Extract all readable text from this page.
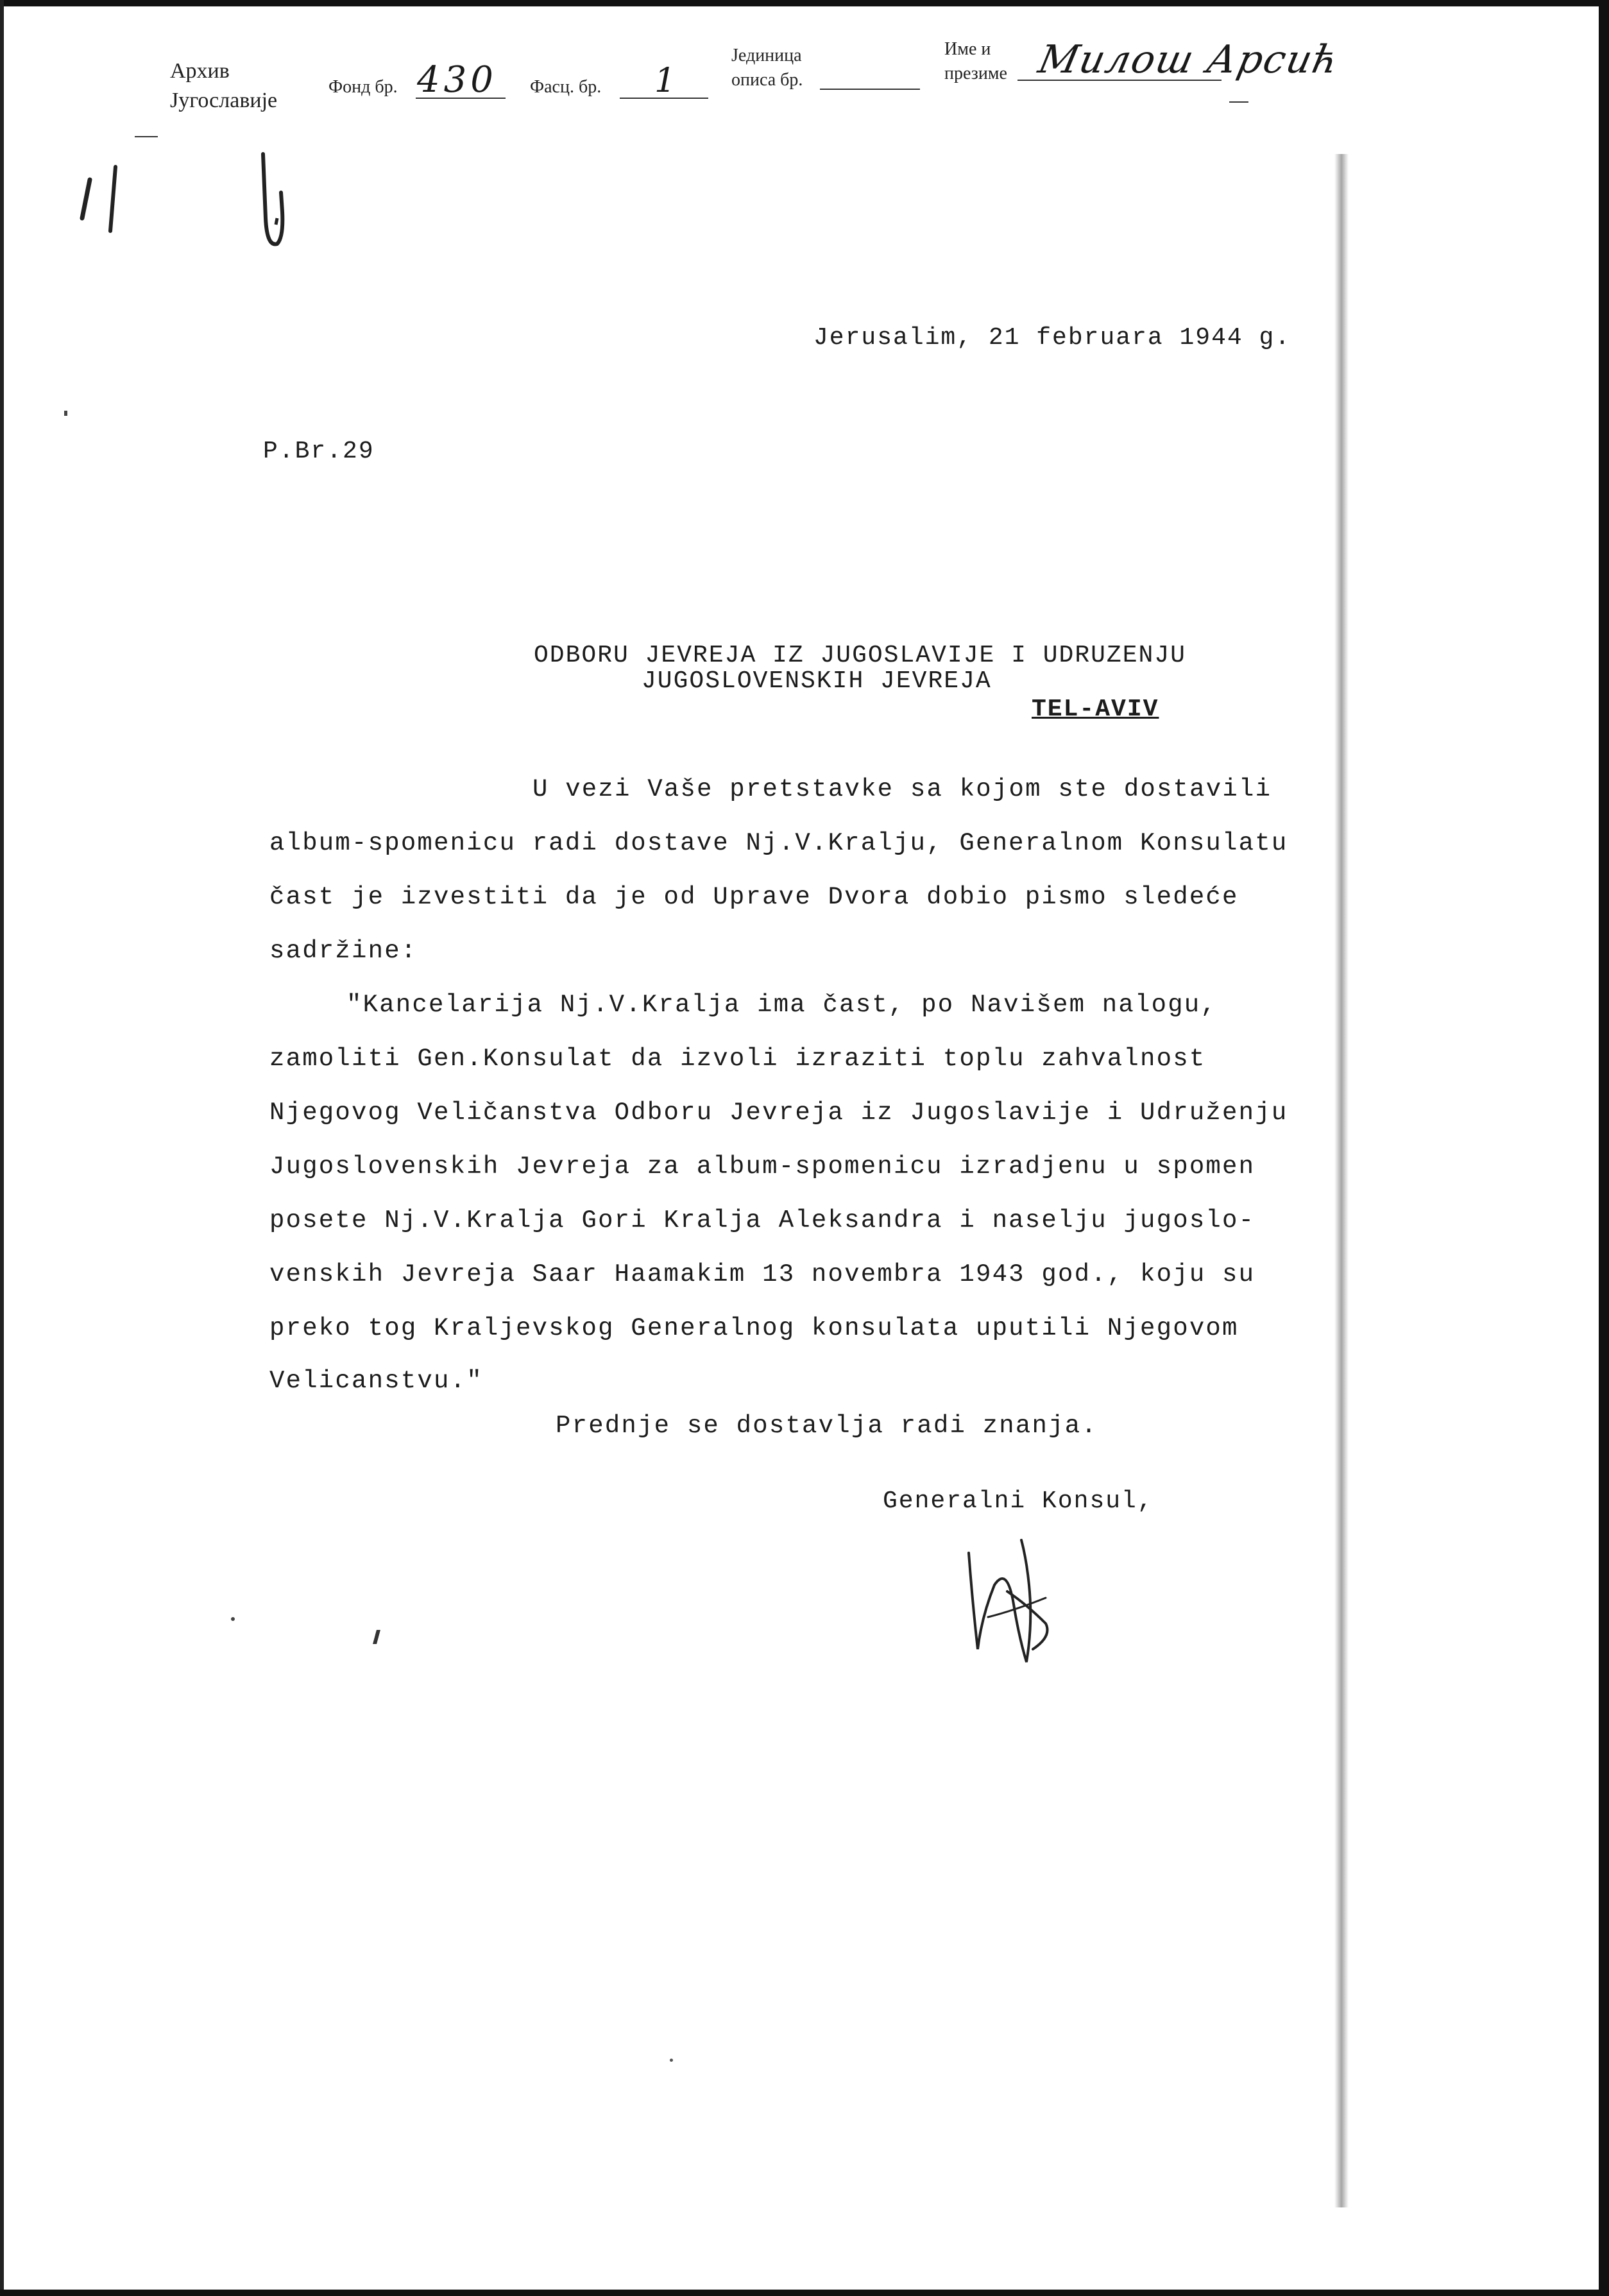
Архив
Југославије
Фонд бр. 430 Фасц. бр. 1
Јединица
описа бр.
Име и
презиме Милош Арсић
Jerusalim, 21 februara 1944 g.
P.Br.29
ODBORU JEVREJA IZ JUGOSLAVIJE I UDRUZENJU
JUGOSLOVENSKIH JEVREJA
TEL-AVIV
U vezi Vaše pretstavke sa kojom ste dostavili
album-spomenicu radi dostave Nj.V.Kralju, Generalnom Konsulatu
čast je izvestiti da je od Uprave Dvora dobio pismo sledeće
sadržine:
"Kancelarija Nj.V.Kralja ima čast, po Navišem nalogu,
zamoliti Gen.Konsulat da izvoli izraziti toplu zahvalnost
Njegovog Veličanstva Odboru Jevreja iz Jugoslavije i Udruženju
Jugoslovenskih Jevreja za album-spomenicu izradjenu u spomen
posete Nj.V.Kralja Gori Kralja Aleksandra i naselju jugoslo-
venskih Jevreja Saar Haamakim 13 novembra 1943 god., koju su
preko tog Kraljevskog Generalnog konsulata uputili Njegovom
Velicanstvu."
Prednje se dostavlja radi znanja.
Generalni Konsul,
